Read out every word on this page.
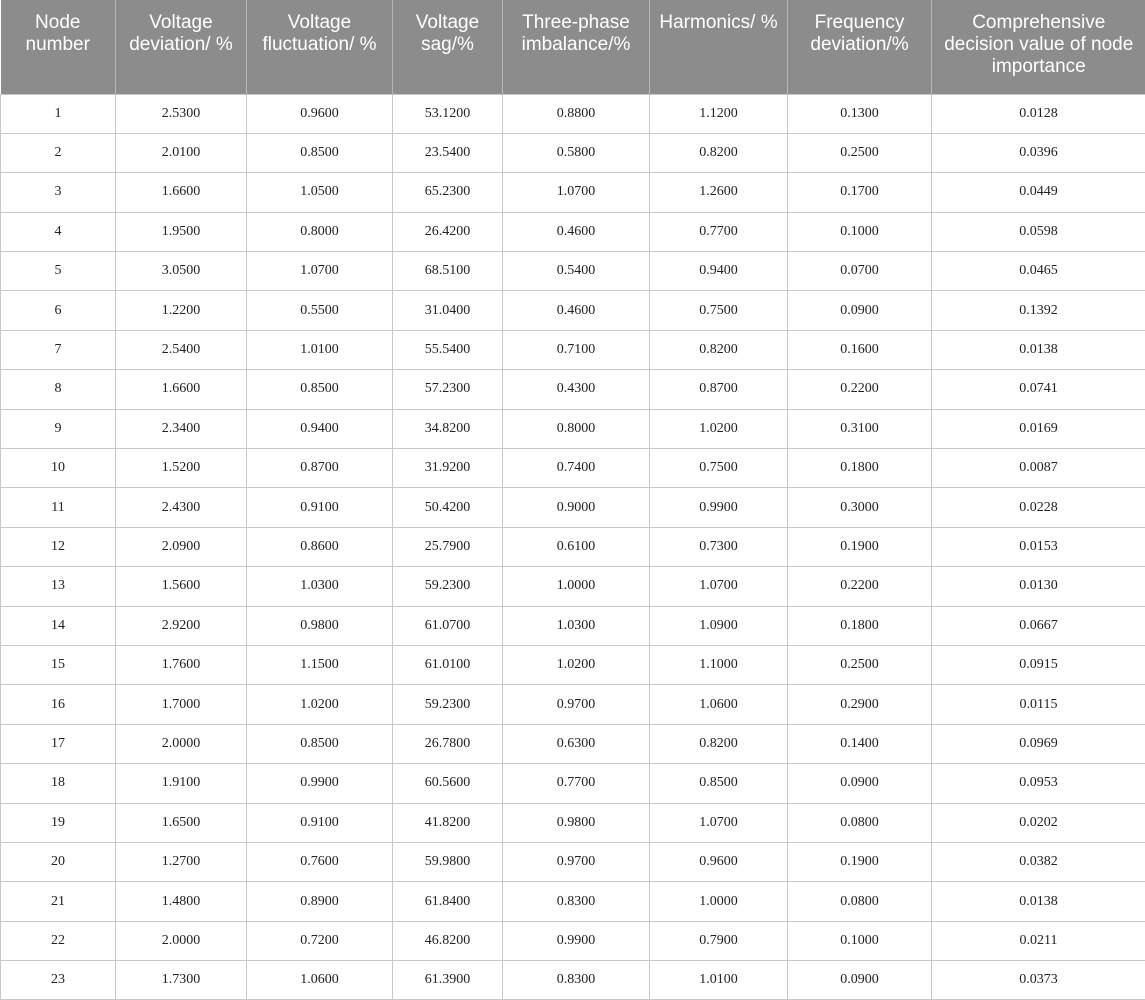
Node number	Voltage deviation/ %	Voltage fluctuation/ %	Voltage sag/%	Three-phase imbalance/%	Harmonics/ %	Frequency deviation/%	Comprehensive decision value of node importance
1	2.5300	0.9600	53.1200	0.8800	1.1200	0.1300	0.0128
2	2.0100	0.8500	23.5400	0.5800	0.8200	0.2500	0.0396
3	1.6600	1.0500	65.2300	1.0700	1.2600	0.1700	0.0449
4	1.9500	0.8000	26.4200	0.4600	0.7700	0.1000	0.0598
5	3.0500	1.0700	68.5100	0.5400	0.9400	0.0700	0.0465
6	1.2200	0.5500	31.0400	0.4600	0.7500	0.0900	0.1392
7	2.5400	1.0100	55.5400	0.7100	0.8200	0.1600	0.0138
8	1.6600	0.8500	57.2300	0.4300	0.8700	0.2200	0.0741
9	2.3400	0.9400	34.8200	0.8000	1.0200	0.3100	0.0169
10	1.5200	0.8700	31.9200	0.7400	0.7500	0.1800	0.0087
11	2.4300	0.9100	50.4200	0.9000	0.9900	0.3000	0.0228
12	2.0900	0.8600	25.7900	0.6100	0.7300	0.1900	0.0153
13	1.5600	1.0300	59.2300	1.0000	1.0700	0.2200	0.0130
14	2.9200	0.9800	61.0700	1.0300	1.0900	0.1800	0.0667
15	1.7600	1.1500	61.0100	1.0200	1.1000	0.2500	0.0915
16	1.7000	1.0200	59.2300	0.9700	1.0600	0.2900	0.0115
17	2.0000	0.8500	26.7800	0.6300	0.8200	0.1400	0.0969
18	1.9100	0.9900	60.5600	0.7700	0.8500	0.0900	0.0953
19	1.6500	0.9100	41.8200	0.9800	1.0700	0.0800	0.0202
20	1.2700	0.7600	59.9800	0.9700	0.9600	0.1900	0.0382
21	1.4800	0.8900	61.8400	0.8300	1.0000	0.0800	0.0138
22	2.0000	0.7200	46.8200	0.9900	0.7900	0.1000	0.0211
23	1.7300	1.0600	61.3900	0.8300	1.0100	0.0900	0.0373
